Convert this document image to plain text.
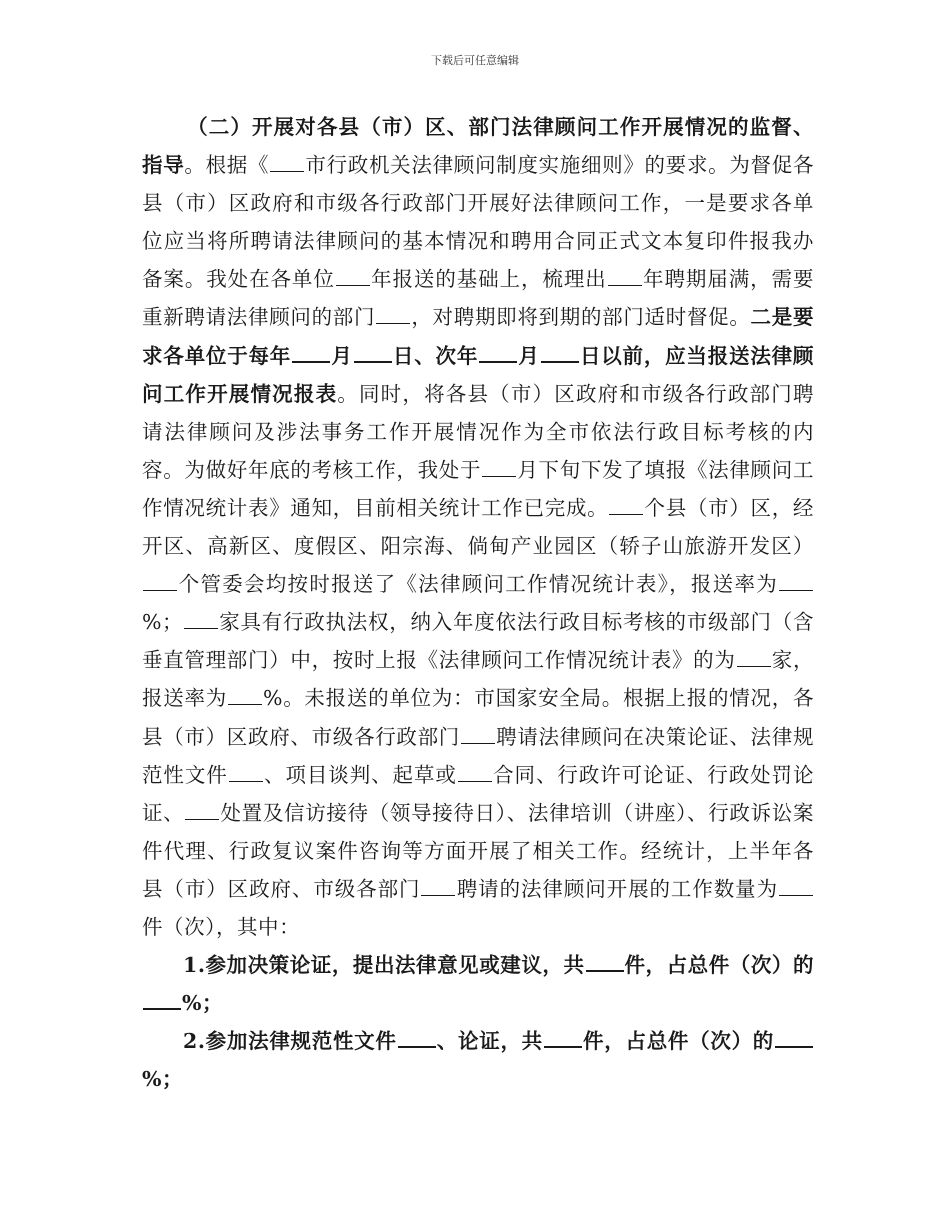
下载后可任意编辑

（二）开展对各县（市）区、部门法律顾问工作开展情况的监督、指导。根据《 市行政机关法律顾问制度实施细则》的要求。为督促各县（市）区政府和市级各行政部门开展好法律顾问工作，一是要求各单位应当将所聘请法律顾问的基本情况和聘用合同正式文本复印件报我办备案。我处在各单位 年报送的基础上，梳理出 年聘期届满，需要重新聘请法律顾问的部门 ，对聘期即将到期的部门适时督促。二是要求各单位于每年 月 日、次年 月 日以前，应当报送法律顾问工作开展情况报表。同时，将各县（市）区政府和市级各行政部门聘请法律顾问及涉法事务工作开展情况作为全市依法行政目标考核的内容。为做好年底的考核工作，我处于 月下旬下发了填报《法律顾问工作情况统计表》通知，目前相关统计工作已完成。 个县（市）区，经开区、高新区、度假区、阳宗海、倘甸产业园区（轿子山旅游开发区）个管委会均按时报送了《法律顾问工作情况统计表》，报送率为%； 家具有行政执法权，纳入年度依法行政目标考核的市级部门（含垂直管理部门）中，按时上报《法律顾问工作情况统计表》的为 家，报送率为 %。未报送的单位为：市国家安全局。根据上报的情况，各县（市）区政府、市级各行政部门 聘请法律顾问在决策论证、法律规范性文件 、项目谈判、起草或 合同、行政许可论证、行政处罚论证、 处置及信访接待（领导接待日）、法律培训（讲座）、行政诉讼案件代理、行政复议案件咨询等方面开展了相关工作。经统计，上半年各县（市）区政府、市级各部门 聘请的法律顾问开展的工作数量为件（次），其中：

1.参加决策论证，提出法律意见或建议，共 件，占总件（次）的%；

2.参加法律规范性文件 、论证，共 件，占总件（次）的%；
